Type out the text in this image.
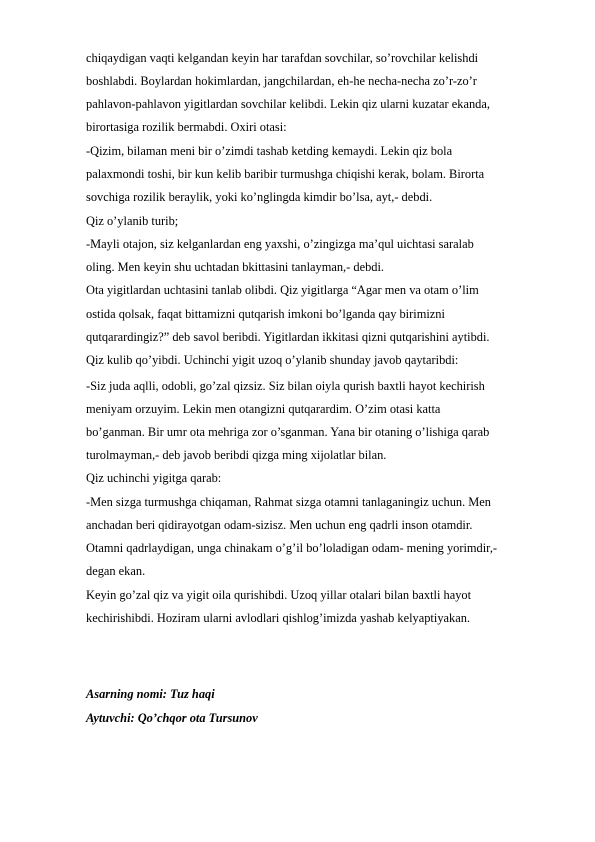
chiqaydigan vaqti kelgandan keyin har tarafdan sovchilar, so’rovchilar kelishdi
boshlabdi. Boylardan hokimlardan, jangchilardan, eh-he necha-necha zo’r-zo’r
pahlavon-pahlavon yigitlardan sovchilar kelibdi. Lekin qiz ularni kuzatar ekanda,
birortasiga rozilik bermabdi. Oxiri otasi:
-Qizim, bilaman meni bir o’zimdi tashab ketding kemaydi. Lekin qiz bola
palaxmondi toshi, bir kun kelib baribir turmushga chiqishi kerak, bolam. Birorta
sovchiga rozilik beraylik, yoki ko’nglingda kimdir bo’lsa, ayt,- debdi.
Qiz o’ylanib turib;
-Mayli otajon, siz kelganlardan eng yaxshi, o’zingizga ma’qul uichtasi saralab
oling. Men keyin shu uchtadan bkittasini tanlayman,- debdi.
Ota yigitlardan uchtasini tanlab olibdi. Qiz yigitlarga “Agar men va otam o’lim
ostida qolsak, faqat bittamizni qutqarish imkoni bo’lganda qay birimizni
qutqarardingiz?” deb savol beribdi. Yigitlardan ikkitasi qizni qutqarishini aytibdi.
Qiz kulib qo’yibdi. Uchinchi yigit uzoq o’ylanib shunday javob qaytaribdi:
-Siz juda aqlli, odobli, go’zal qizsiz. Siz bilan oiyla qurish baxtli hayot kechirish
meniyam orzuyim. Lekin men otangizni qutqarardim. O’zim otasi katta
bo’ganman. Bir umr ota mehriga zor o’sganman. Yana bir otaning o’lishiga qarab
turolmayman,- deb javob beribdi qizga ming xijolatlar bilan.
Qiz uchinchi yigitga qarab:
-Men sizga turmushga chiqaman, Rahmat sizga otamni tanlaganingiz uchun. Men
anchadan beri qidirayotgan odam-sizisz. Men uchun eng qadrli inson otamdir.
Otamni qadrlaydigan, unga chinakam o’g’il bo’loladigan odam- mening yorimdir,-
degan ekan.
Keyin go’zal qiz va yigit oila qurishibdi. Uzoq yillar otalari bilan baxtli hayot
kechirishibdi. Hoziram ularni avlodlari qishlog’imizda yashab kelyaptiyakan.
Asarning nomi: Tuz haqi
Aytuvchi: Qo’chqor ota Tursunov
